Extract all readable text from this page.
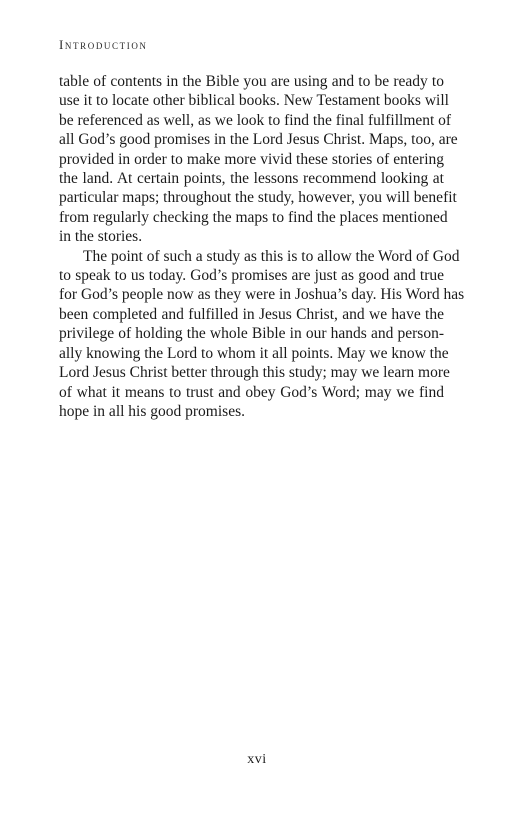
Introduction

table of contents in the Bible you are using and to be ready to
use it to locate other biblical books. New Testament books will
be referenced as well, as we look to find the final fulfillment of
all God’s good promises in the Lord Jesus Christ. Maps, too, are
provided in order to make more vivid these stories of entering
the land. At certain points, the lessons recommend looking at
particular maps; throughout the study, however, you will benefit
from regularly checking the maps to find the places mentioned
in the stories.

The point of such a study as this is to allow the Word of God
to speak to us today. God’s promises are just as good and true
for God’s people now as they were in Joshua’s day. His Word has
been completed and fulfilled in Jesus Christ, and we have the
privilege of holding the whole Bible in our hands and person-
ally knowing the Lord to whom it all points. May we know the
Lord Jesus Christ better through this study; may we learn more
of what it means to trust and obey God’s Word; may we find
hope in all his good promises.

xvi
